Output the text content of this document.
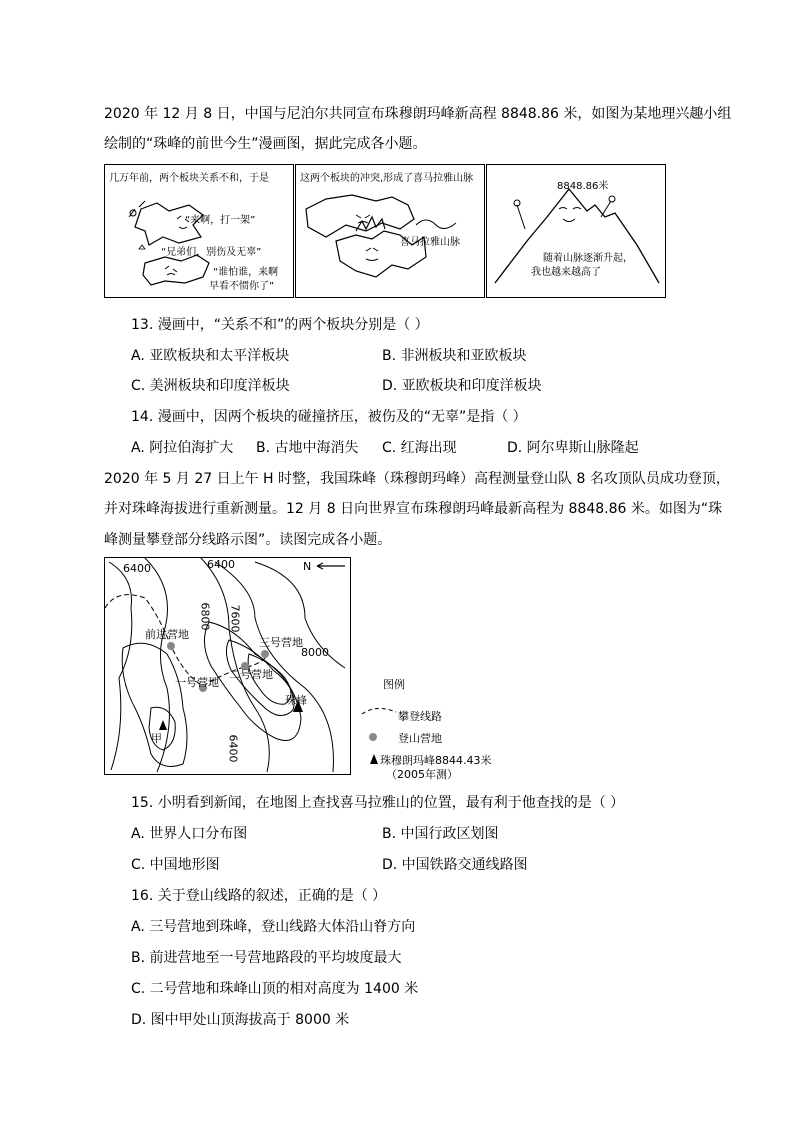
2020 年 12 月 8 日，中国与尼泊尔共同宣布珠穆朗玛峰新高程 8848.86 米，如图为某地理兴趣小组
绘制的“珠峰的前世今生”漫画图，据此完成各小题。
几万年前，两个板块关系不和，于是
“来啊，打一架”
“兄弟们，别伤及无辜”
“谁怕谁，来啊
早看不惯你了”
这两个板块的冲突,形成了喜马拉雅山脉
喜马拉雅山脉
8848.86米
随着山脉逐渐升起，
我也越来越高了
13. 漫画中，“关系不和”的两个板块分别是（ ）
A. 亚欧板块和太平洋板块	B. 非洲板块和亚欧板块
C. 美洲板块和印度洋板块	D. 亚欧板块和印度洋板块
14. 漫画中，因两个板块的碰撞挤压，被伤及的“无辜”是指（ ）
A. 阿拉伯海扩大 B. 古地中海消失 C. 红海出现	D. 阿尔卑斯山脉隆起
2020 年 5 月 27 日上午 H 时整，我国珠峰（珠穆朗玛峰）高程测量登山队 8 名攻顶队员成功登顶，
并对珠峰海拔进行重新测量。12 月 8 日向世界宣布珠穆朗玛峰最新高程为 8848.86 米。如图为“珠
峰测量攀登部分线路示图”。读图完成各小题。
6400	6400
6800 7600
8000
6400
N
前进营地
三号营地
二号营地
一号营地
珠峰
甲
图例
攀登线路
登山营地
珠穆朗玛峰8844.43米
（2005年测）
15. 小明看到新闻，在地图上查找喜马拉雅山的位置，最有利于他查找的是（ ）
A. 世界人口分布图	B. 中国行政区划图
C. 中国地形图	D. 中国铁路交通线路图
16. 关于登山线路的叙述，正确的是（ ）
A. 三号营地到珠峰，登山线路大体沿山脊方向
B. 前进营地至一号营地路段的平均坡度最大
C. 二号营地和珠峰山顶的相对高度为 1400 米
D. 图中甲处山顶海拔高于 8000 米
